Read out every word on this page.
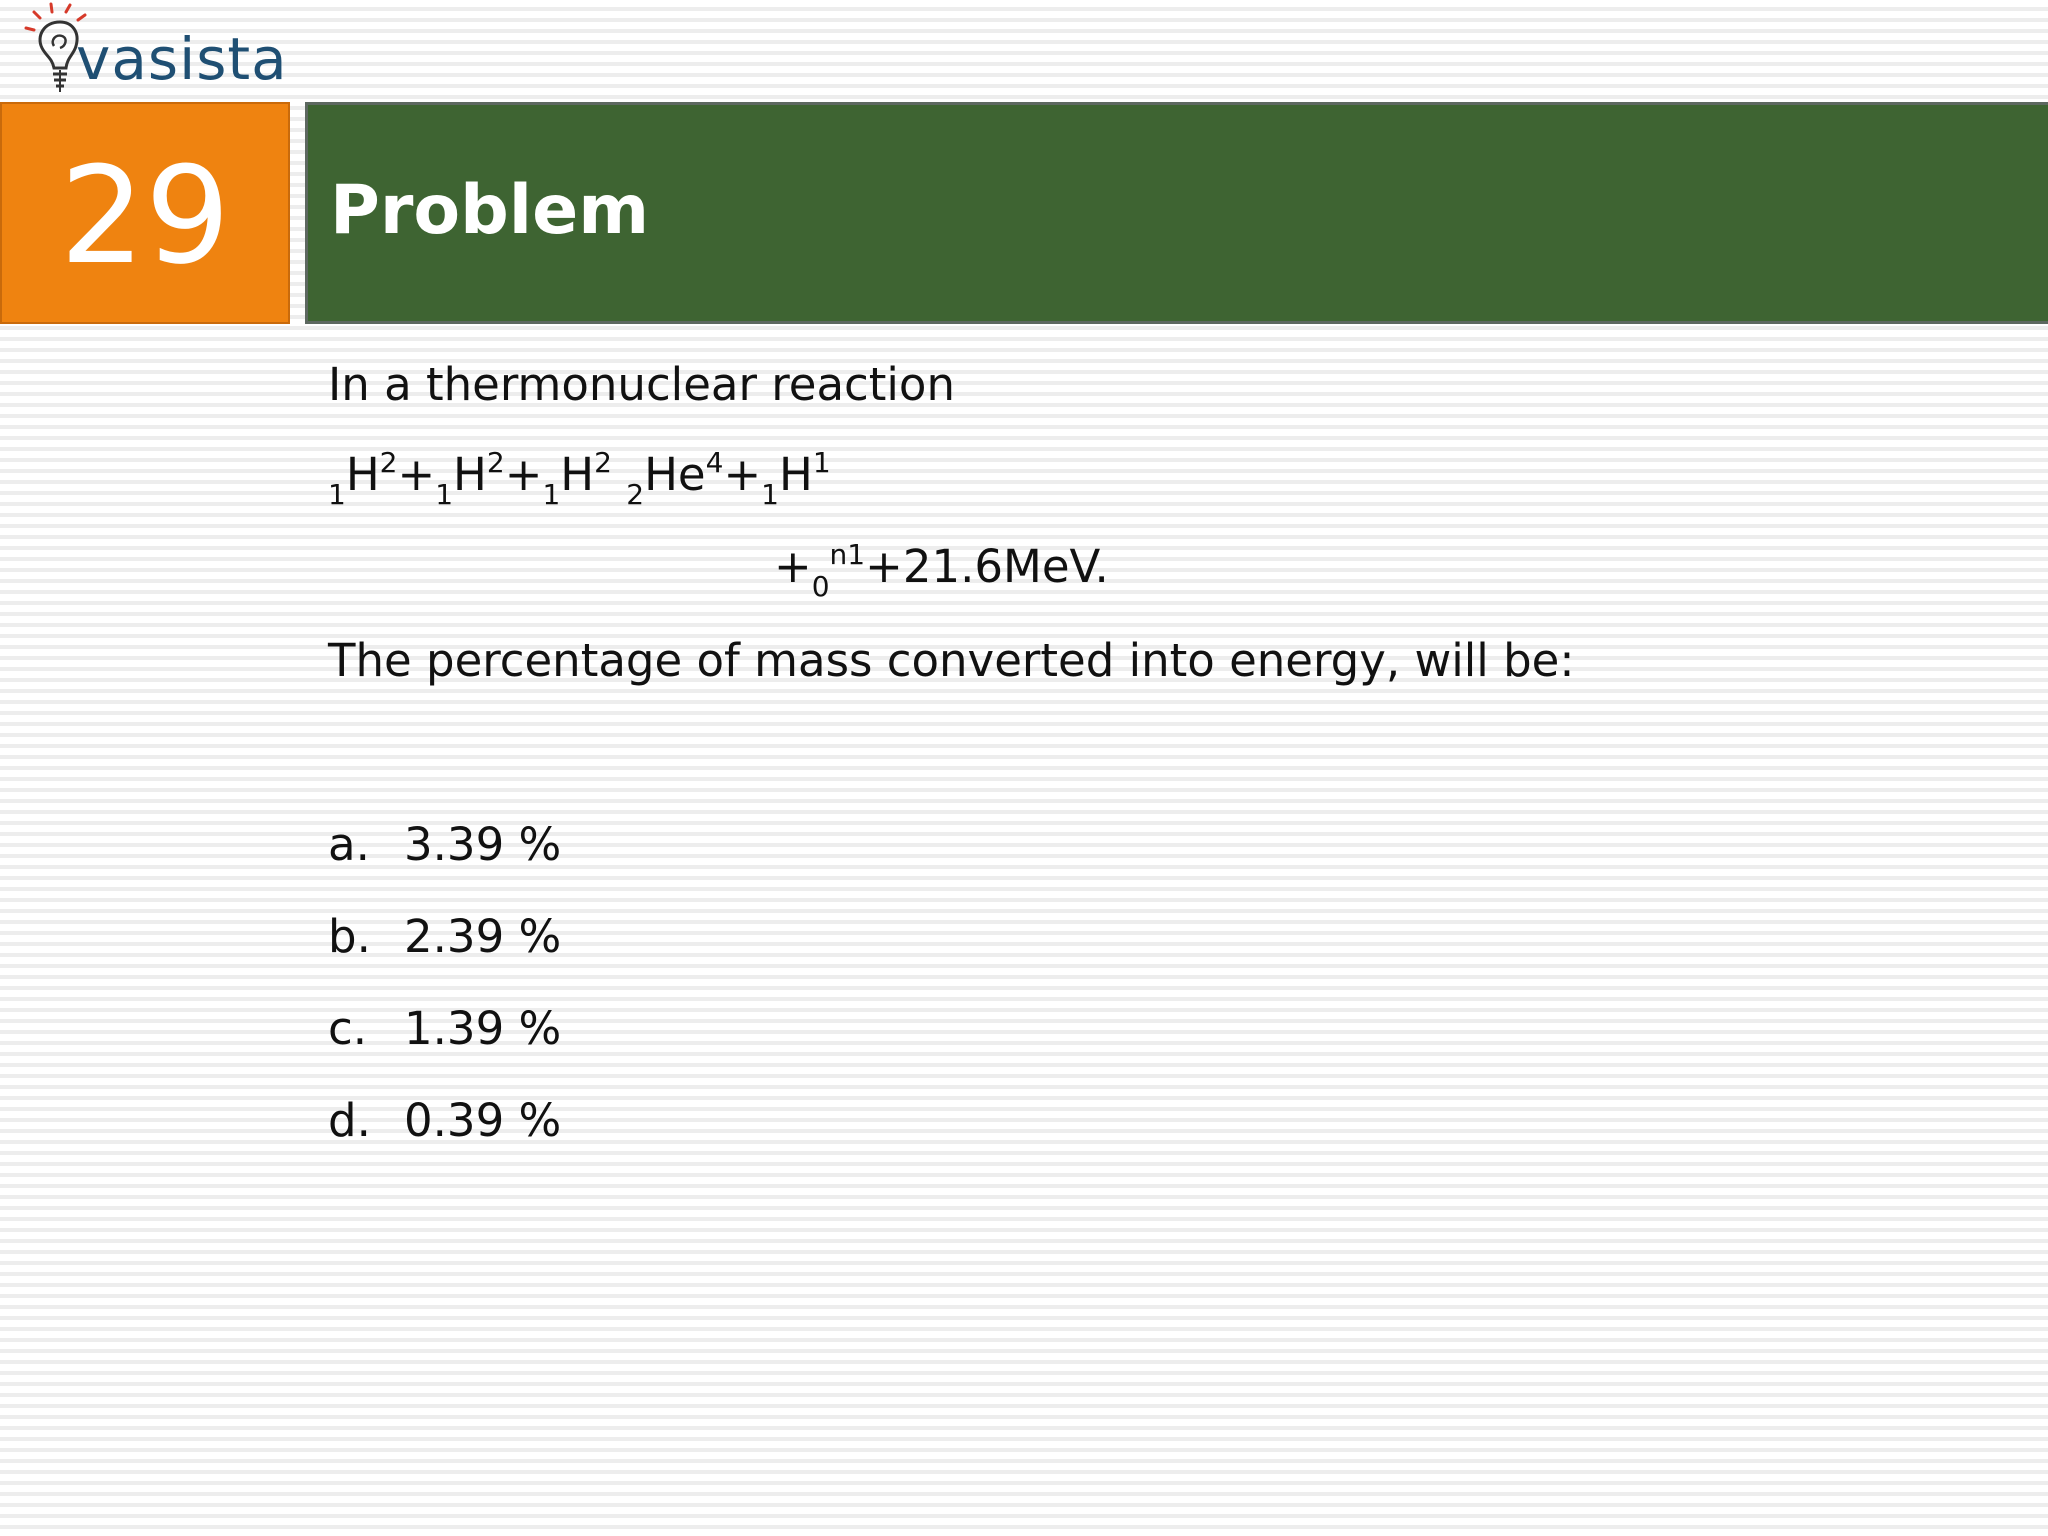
vasista
29 Problem
In a thermonuclear reaction
$_1H^2+_1H^2+_1H^2$ $_2He^4+_1H^1$
$+_0^{n1}+21.6MeV$.
The percentage of mass converted into energy, will be:
a. 3.39 %
b. 2.39 %
c. 1.39 %
d. 0.39 %
